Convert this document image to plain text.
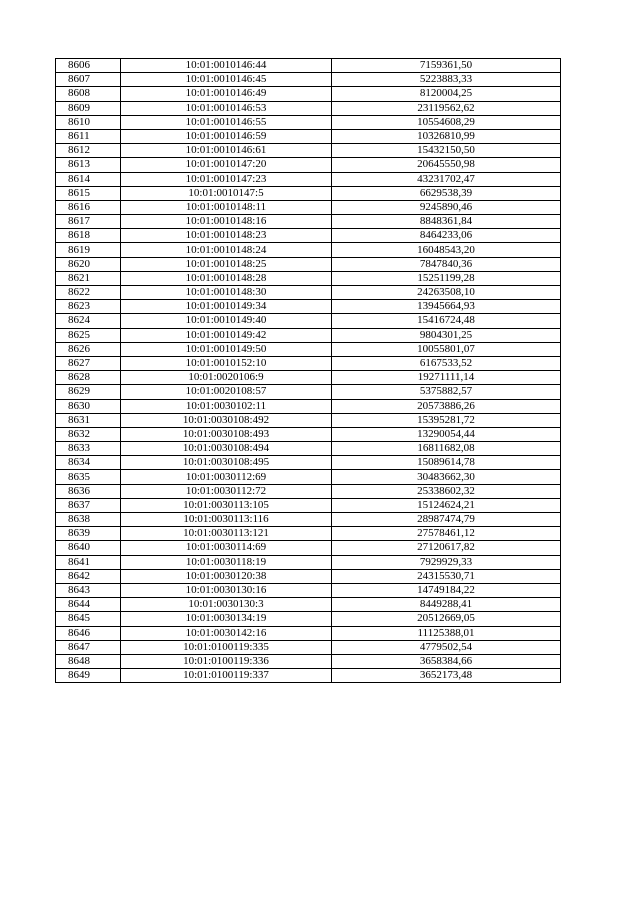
8606	10:01:0010146:44	7159361,50
8607	10:01:0010146:45	5223883,33
8608	10:01:0010146:49	8120004,25
8609	10:01:0010146:53	23119562,62
8610	10:01:0010146:55	10554608,29
8611	10:01:0010146:59	10326810,99
8612	10:01:0010146:61	15432150,50
8613	10:01:0010147:20	20645550,98
8614	10:01:0010147:23	43231702,47
8615	10:01:0010147:5	6629538,39
8616	10:01:0010148:11	9245890,46
8617	10:01:0010148:16	8848361,84
8618	10:01:0010148:23	8464233,06
8619	10:01:0010148:24	16048543,20
8620	10:01:0010148:25	7847840,36
8621	10:01:0010148:28	15251199,28
8622	10:01:0010148:30	24263508,10
8623	10:01:0010149:34	13945664,93
8624	10:01:0010149:40	15416724,48
8625	10:01:0010149:42	9804301,25
8626	10:01:0010149:50	10055801,07
8627	10:01:0010152:10	6167533,52
8628	10:01:0020106:9	19271111,14
8629	10:01:0020108:57	5375882,57
8630	10:01:0030102:11	20573886,26
8631	10:01:0030108:492	15395281,72
8632	10:01:0030108:493	13290054,44
8633	10:01:0030108:494	16811682,08
8634	10:01:0030108:495	15089614,78
8635	10:01:0030112:69	30483662,30
8636	10:01:0030112:72	25338602,32
8637	10:01:0030113:105	15124624,21
8638	10:01:0030113:116	28987474,79
8639	10:01:0030113:121	27578461,12
8640	10:01:0030114:69	27120617,82
8641	10:01:0030118:19	7929929,33
8642	10:01:0030120:38	24315530,71
8643	10:01:0030130:16	14749184,22
8644	10:01:0030130:3	8449288,41
8645	10:01:0030134:19	20512669,05
8646	10:01:0030142:16	11125388,01
8647	10:01:0100119:335	4779502,54
8648	10:01:0100119:336	3658384,66
8649	10:01:0100119:337	3652173,48
